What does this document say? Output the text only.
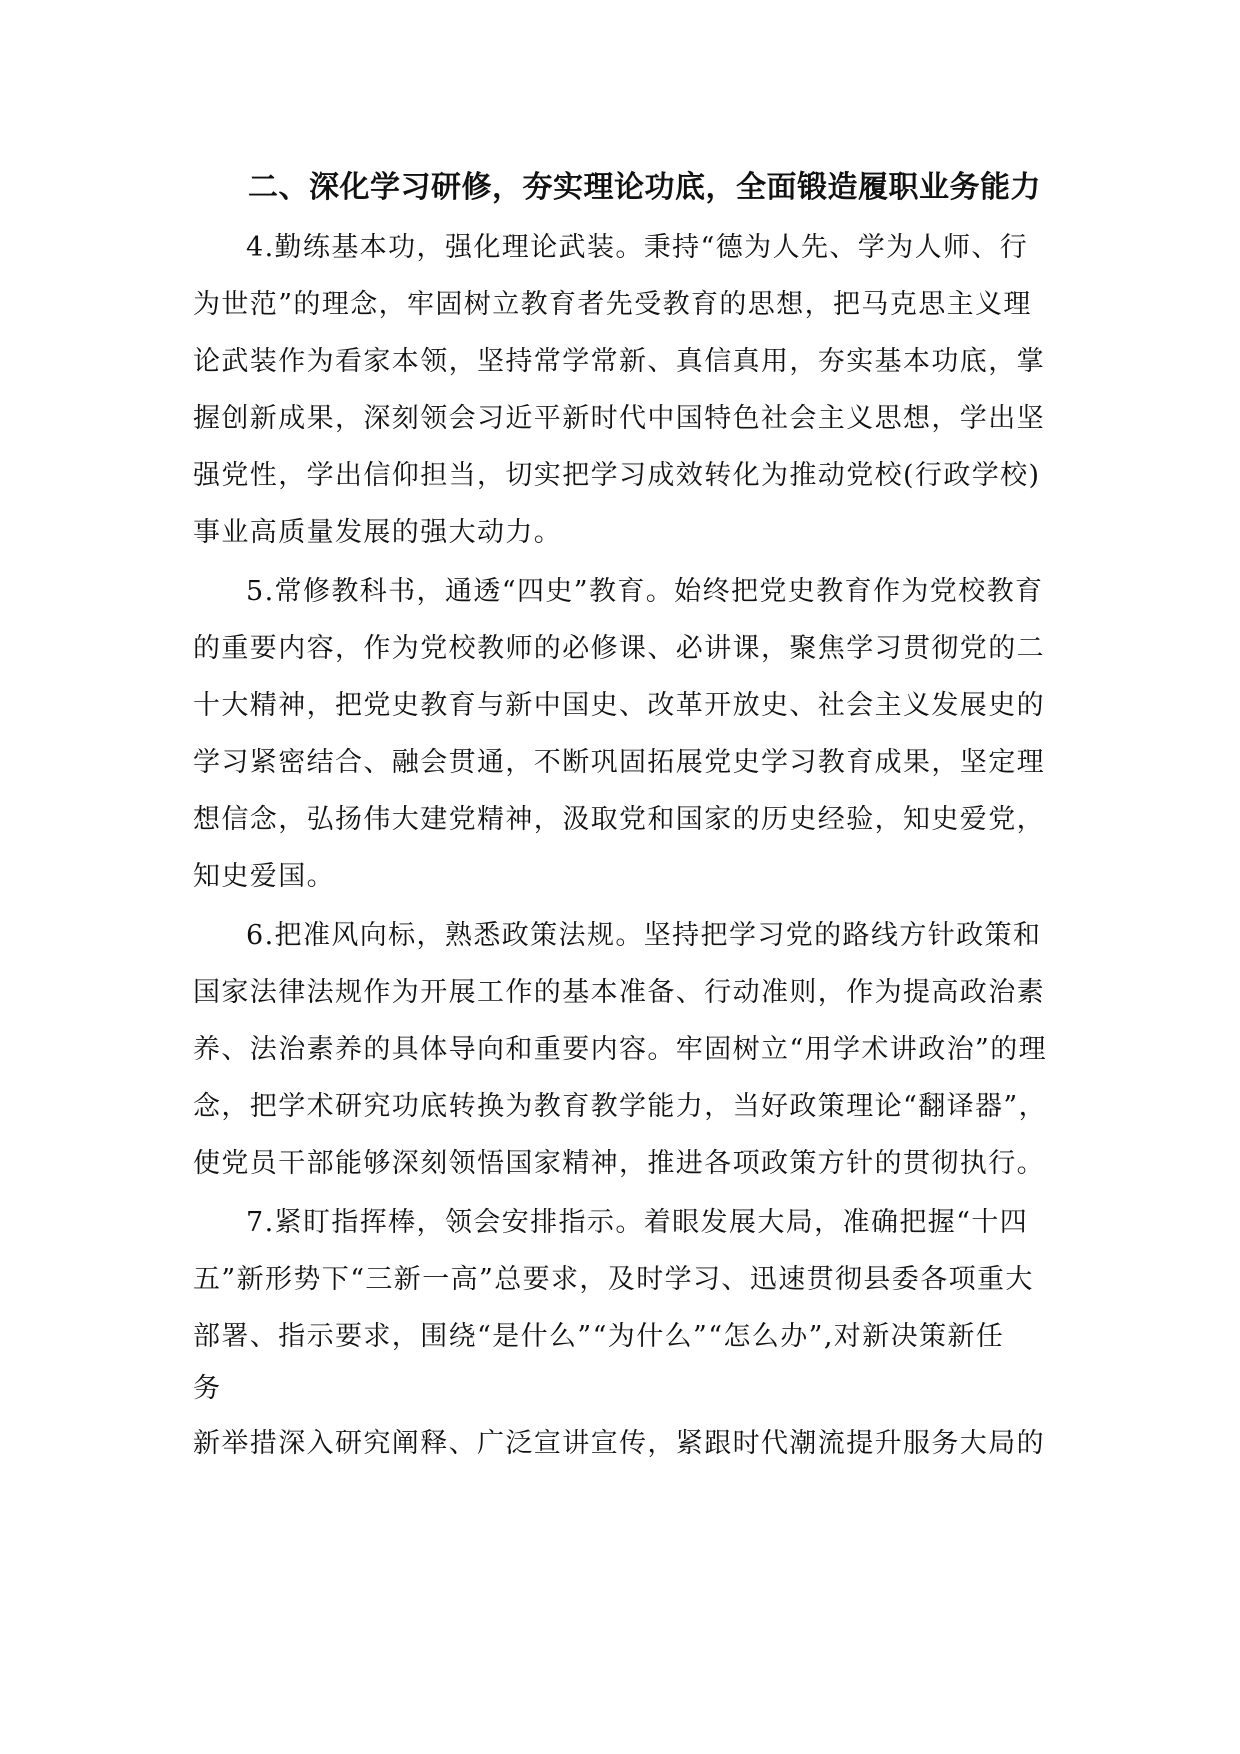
二、深化学习研修，夯实理论功底，全面锻造履职业务能力
4.勤练基本功，强化理论武装。秉持“德为人先、学为人师、行
为世范”的理念，牢固树立教育者先受教育的思想，把马克思主义理
论武装作为看家本领，坚持常学常新、真信真用，夯实基本功底，掌
握创新成果，深刻领会习近平新时代中国特色社会主义思想，学出坚
强党性，学出信仰担当，切实把学习成效转化为推动党校(行政学校)
事业高质量发展的强大动力。
5.常修教科书，通透“四史”教育。始终把党史教育作为党校教育
的重要内容，作为党校教师的必修课、必讲课，聚焦学习贯彻党的二
十大精神，把党史教育与新中国史、改革开放史、社会主义发展史的
学习紧密结合、融会贯通，不断巩固拓展党史学习教育成果，坚定理
想信念，弘扬伟大建党精神，汲取党和国家的历史经验，知史爱党，
知史爱国。
6.把准风向标，熟悉政策法规。坚持把学习党的路线方针政策和
国家法律法规作为开展工作的基本准备、行动准则，作为提高政治素
养、法治素养的具体导向和重要内容。牢固树立“用学术讲政治”的理
念，把学术研究功底转换为教育教学能力，当好政策理论“翻译器”，
使党员干部能够深刻领悟国家精神，推进各项政策方针的贯彻执行。
7.紧盯指挥棒，领会安排指示。着眼发展大局，准确把握“十四
五”新形势下“三新一高”总要求，及时学习、迅速贯彻县委各项重大
部署、指示要求，围绕“是什么”“为什么”“怎么办”,对新决策新任
务
新举措深入研究阐释、广泛宣讲宣传，紧跟时代潮流提升服务大局的
